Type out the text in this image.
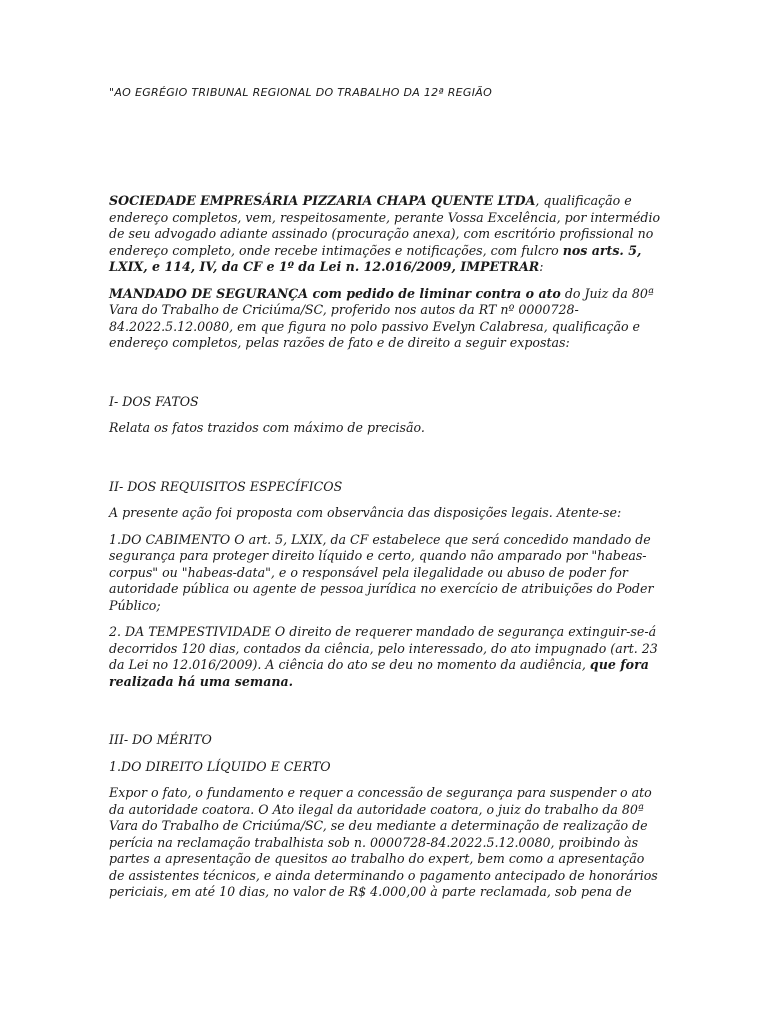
"AO EGRÉGIO TRIBUNAL REGIONAL DO TRABALHO DA 12ª REGIÃO

SOCIEDADE EMPRESÁRIA PIZZARIA CHAPA QUENTE LTDA, qualificação e endereço completos, vem, respeitosamente, perante Vossa Excelência, por intermédio de seu advogado adiante assinado (procuração anexa), com escritório profissional no endereço completo, onde recebe intimações e notificações, com fulcro nos arts. 5, LXIX, e 114, IV, da CF e 1º da Lei n. 12.016/2009, IMPETRAR:

MANDADO DE SEGURANÇA com pedido de liminar contra o ato do Juiz da 80ª Vara do Trabalho de Criciúma/SC, proferido nos autos da RT nº 0000728-84.2022.5.12.0080, em que figura no polo passivo Evelyn Calabresa, qualificação e endereço completos, pelas razões de fato e de direito a seguir expostas:

I- DOS FATOS

Relata os fatos trazidos com máximo de precisão.

II- DOS REQUISITOS ESPECÍFICOS

A presente ação foi proposta com observância das disposições legais. Atente-se:

1.DO CABIMENTO O art. 5, LXIX, da CF estabelece que será concedido mandado de segurança para proteger direito líquido e certo, quando não amparado por "habeas-corpus" ou "habeas-data", e o responsável pela ilegalidade ou abuso de poder for autoridade pública ou agente de pessoa jurídica no exercício de atribuições do Poder Público;

2. DA TEMPESTIVIDADE O direito de requerer mandado de segurança extinguir-se-á decorridos 120 dias, contados da ciência, pelo interessado, do ato impugnado (art. 23 da Lei no 12.016/2009). A ciência do ato se deu no momento da audiência, que fora realizada há uma semana.

III- DO MÉRITO

1.DO DIREITO LÍQUIDO E CERTO

Expor o fato, o fundamento e requer a concessão de segurança para suspender o ato da autoridade coatora. O Ato ilegal da autoridade coatora, o juiz do trabalho da 80ª Vara do Trabalho de Criciúma/SC, se deu mediante a determinação de realização de perícia na reclamação trabalhista sob n. 0000728-84.2022.5.12.0080, proibindo às partes a apresentação de quesitos ao trabalho do expert, bem como a apresentação de assistentes técnicos, e ainda determinando o pagamento antecipado de honorários periciais, em até 10 dias, no valor de R$ 4.000,00 à parte reclamada, sob pena de
